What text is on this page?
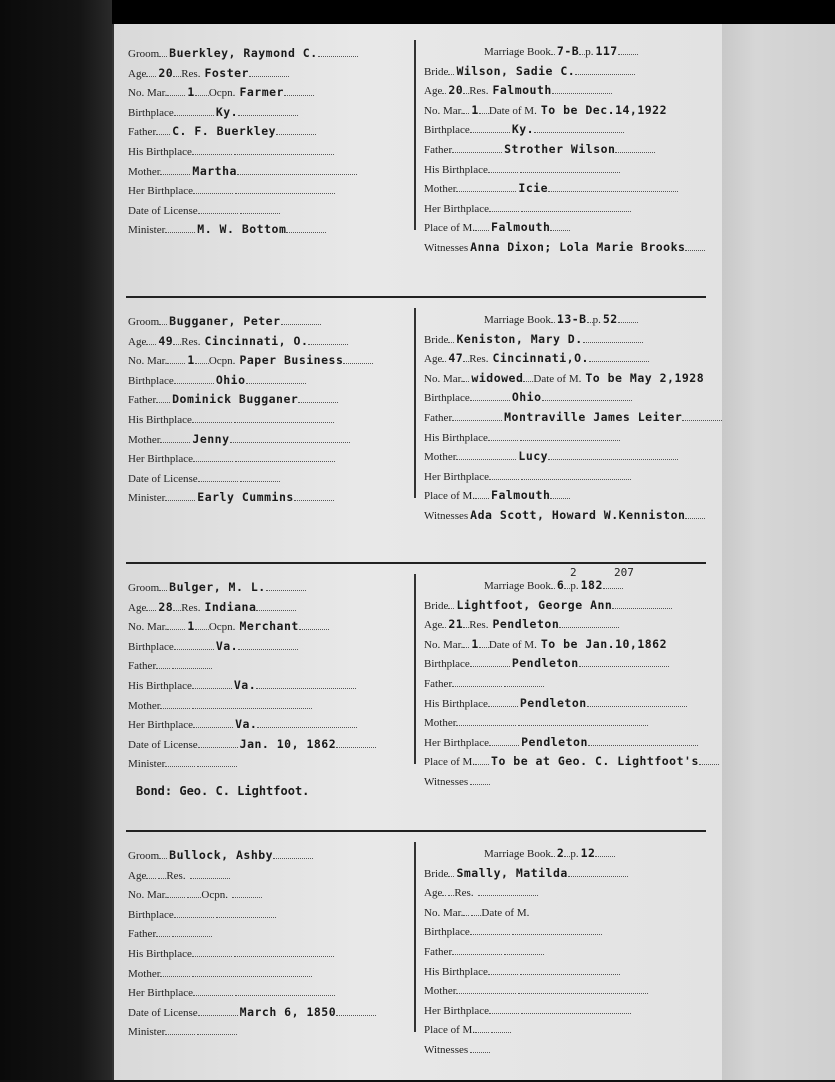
Groom Buerkley, Raymond C.
Age 20 Res. Foster
No. Mar. 1 Ocpn. Farmer
Birthplace	Ky.
Father C. F. Buerkley
His Birthplace
Mother	Martha
Her Birthplace
Date of License
Minister	M. W. Bottom
Marriage Book 7-B p. 117
Bride Wilson, Sadie C.
Age 20 Res. Falmouth
No. Mar. 1 Date of M. To be Dec.14,1922
Birthplace	Ky.
Father	Strother Wilson
His Birthplace
Mother	Icie
Her Birthplace
Place of M. Falmouth
Witnesses Anna Dixon; Lola Marie Brooks
Groom Bugganer, Peter
Age 49 Res. Cincinnati, O.
No. Mar. 1 Ocpn. Paper Business
Birthplace	Ohio
Father Dominick Bugganer
His Birthplace
Mother	Jenny
Her Birthplace
Date of License
Minister	Early Cummins
Marriage Book 13-B p. 52
Bride Keniston, Mary D.
Age 47 Res. Cincinnati,O.
No. Mar. widowed Date of M. To be May 2,1928
Birthplace	Ohio
Father	Montraville James Leiter
His Birthplace
Mother	Lucy
Her Birthplace
Place of M. Falmouth
Witnesses Ada Scott, Howard W.Kenniston
Groom Bulger, M. L.
Age 28 Res. Indiana
No. Mar. 1 Ocpn. Merchant
Birthplace	Va.
Father
His Birthplace	Va.
Mother
Her Birthplace	Va.
Date of License	Jan. 10, 1862
Minister
Marriage Book 6 p. 182
Bride Lightfoot, George Ann
Age 21 Res. Pendleton
No. Mar. 1 Date of M. To be Jan.10,1862
Birthplace	Pendleton
Father
His Birthplace	Pendleton
Mother
Her Birthplace	Pendleton
Place of M. To be at Geo. C. Lightfoot's
Witnesses
2	207
Bond: Geo. C. Lightfoot.
Groom Bullock, Ashby
Age Res.
No. Mar.	Ocpn.
Birthplace
Father
His Birthplace
Mother
Her Birthplace
Date of License	March 6, 1850
Minister
Marriage Book 2 p. 12
Bride Smally, Matilda
Age Res.
No. Mar. Date of M.
Birthplace
Father
His Birthplace
Mother
Her Birthplace
Place of M.
Witnesses
